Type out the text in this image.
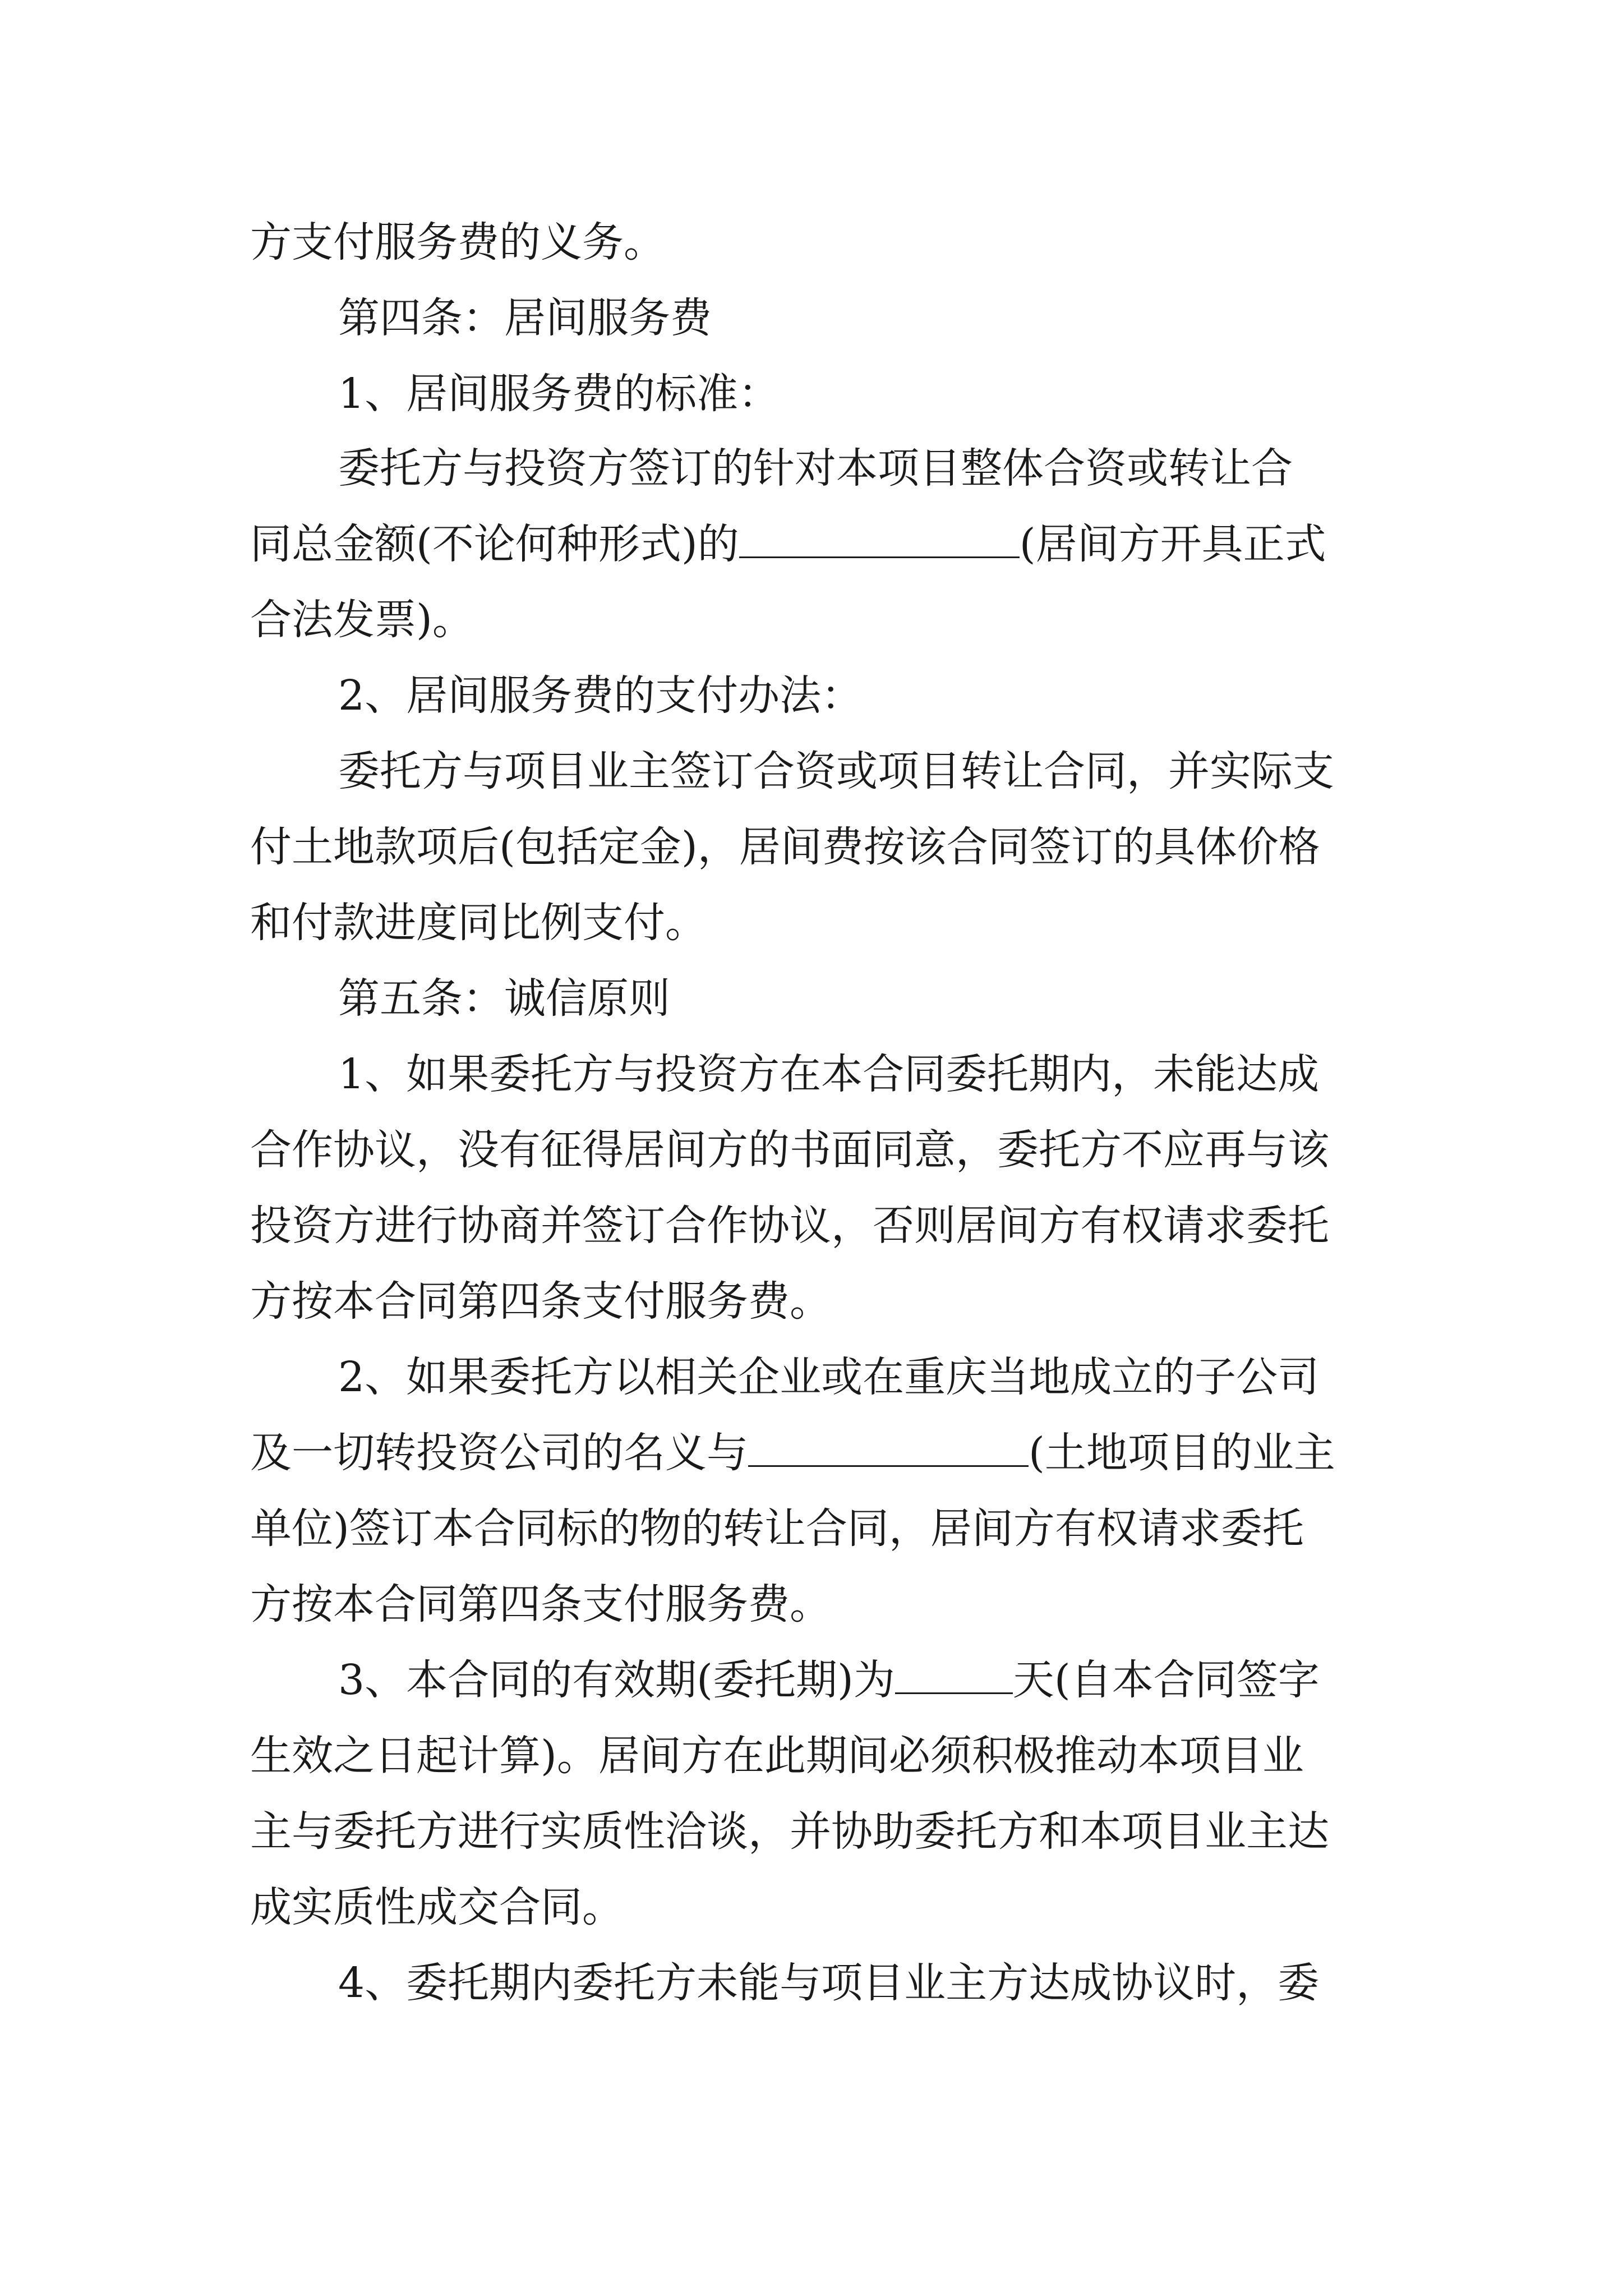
方支付服务费的义务。

第四条：居间服务费

1、居间服务费的标准：

委托方与投资方签订的针对本项目整体合资或转让合

同总金额(不论何种形式)的	(居间方开具正式

合法发票)。

2、居间服务费的支付办法：

委托方与项目业主签订合资或项目转让合同，并实际支

付土地款项后(包括定金)，居间费按该合同签订的具体价格

和付款进度同比例支付。

第五条：诚信原则

1、如果委托方与投资方在本合同委托期内，未能达成

合作协议，没有征得居间方的书面同意，委托方不应再与该

投资方进行协商并签订合作协议，否则居间方有权请求委托

方按本合同第四条支付服务费。

2、如果委托方以相关企业或在重庆当地成立的子公司

及一切转投资公司的名义与	(土地项目的业主

单位)签订本合同标的物的转让合同，居间方有权请求委托

方按本合同第四条支付服务费。

3、本合同的有效期(委托期)为	天(自本合同签字

生效之日起计算)。居间方在此期间必须积极推动本项目业

主与委托方进行实质性洽谈，并协助委托方和本项目业主达

成实质性成交合同。

4、委托期内委托方未能与项目业主方达成协议时，委
